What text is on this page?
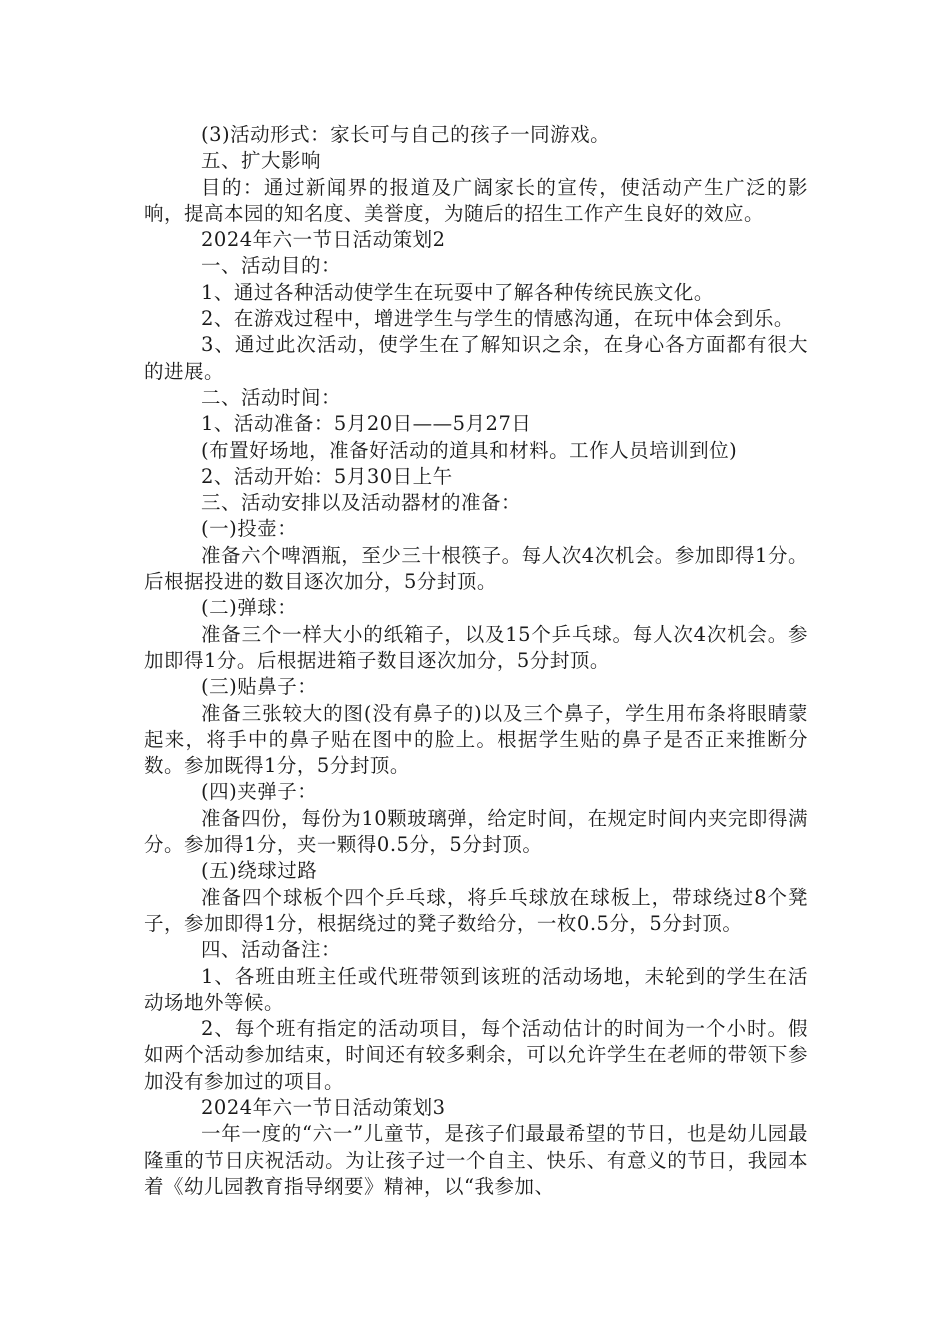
(3)活动形式：家长可与自己的孩子一同游戏。

五、扩大影响

目的：通过新闻界的报道及广阔家长的宣传，使活动产生广泛的影响，提高本园的知名度、美誉度，为随后的招生工作产生良好的效应。

2024年六一节日活动策划2

一、活动目的：

1、通过各种活动使学生在玩耍中了解各种传统民族文化。

2、在游戏过程中，增进学生与学生的情感沟通，在玩中体会到乐。

3、通过此次活动，使学生在了解知识之余，在身心各方面都有很大的进展。

二、活动时间：

1、活动准备：5月20日——5月27日

(布置好场地，准备好活动的道具和材料。工作人员培训到位)

2、活动开始：5月30日上午

三、活动安排以及活动器材的准备：

(一)投壶：

准备六个啤酒瓶，至少三十根筷子。每人次4次机会。参加即得1分。后根据投进的数目逐次加分，5分封顶。

(二)弹球：

准备三个一样大小的纸箱子，以及15个乒乓球。每人次4次机会。参加即得1分。后根据进箱子数目逐次加分，5分封顶。

(三)贴鼻子：

准备三张较大的图(没有鼻子的)以及三个鼻子，学生用布条将眼睛蒙起来，将手中的鼻子贴在图中的脸上。根据学生贴的鼻子是否正来推断分数。参加既得1分，5分封顶。

(四)夹弹子：

准备四份，每份为10颗玻璃弹，给定时间，在规定时间内夹完即得满分。参加得1分，夹一颗得0.5分，5分封顶。

(五)绕球过路

准备四个球板个四个乒乓球，将乒乓球放在球板上，带球绕过8个凳子，参加即得1分，根据绕过的凳子数给分，一枚0.5分，5分封顶。

四、活动备注：

1、各班由班主任或代班带领到该班的活动场地，未轮到的学生在活动场地外等候。

2、每个班有指定的活动项目，每个活动估计的时间为一个小时。假如两个活动参加结束，时间还有较多剩余，可以允许学生在老师的带领下参加没有参加过的项目。

2024年六一节日活动策划3

一年一度的“六一”儿童节，是孩子们最最希望的节日，也是幼儿园最隆重的节日庆祝活动。为让孩子过一个自主、快乐、有意义的节日，我园本着《幼儿园教育指导纲要》精神，以“我参加、
